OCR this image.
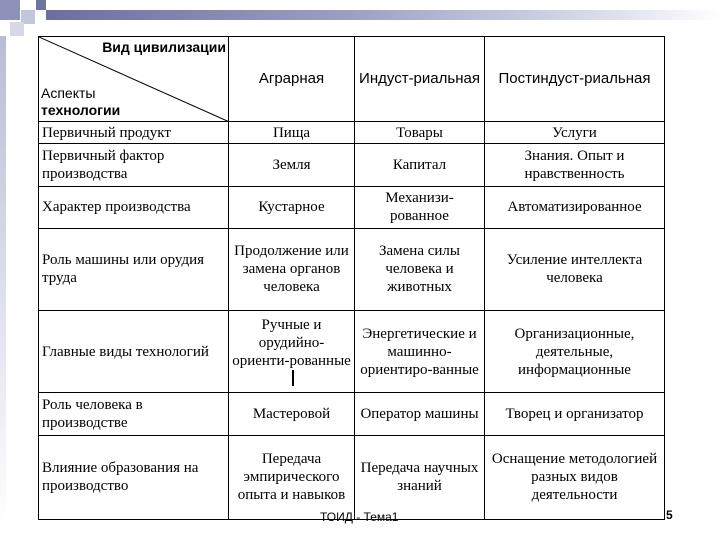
Вид цивилизации
Аспекты
технологии	Аграрная	Индуст-риальная	Постиндуст-риальная
Первичный продукт	Пища	Товары	Услуги
Первичный фактор производства	Земля	Капитал	Знания. Опыт и нравственность
Характер производства	Кустарное	Механизи-рованное	Автоматизированное
Роль машины или орудия труда	Продолжение или замена органов человека	Замена силы человека и животных	Усиление интеллекта человека
Главные виды технологий	Ручные и орудийно-ориенти-рованные	Энергетические и машинно-ориентиро-ванные	Организационные, деятельные, информационные
Роль человека в производстве	Мастеровой	Оператор машины	Творец и организатор
Влияние образования на производство	Передача эмпирического опыта и навыков	Передача научных знаний	Оснащение методологией разных видов деятельности
ТОИД - Тема1	5
